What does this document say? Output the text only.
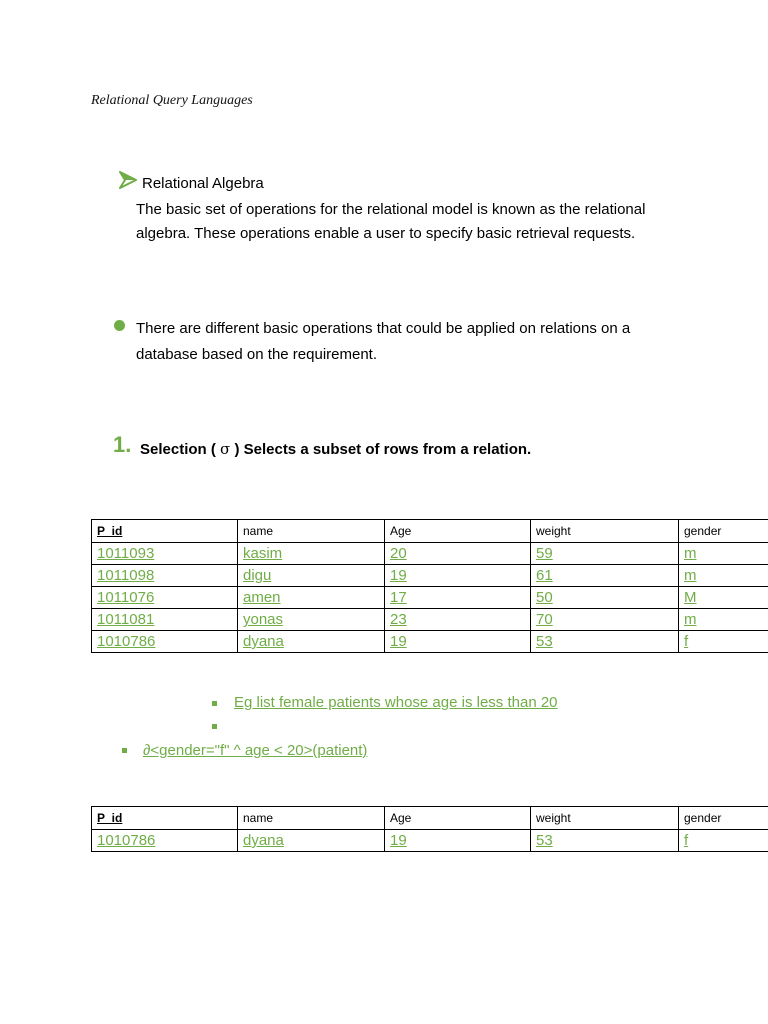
Relational Query Languages
Relational Algebra
The basic set of operations for the relational model is known as the relational algebra. These operations enable a user to specify basic retrieval requests.
There are different basic operations that could be applied on relations on a database based on the requirement.
1. Selection ( σ ) Selects a subset of rows from a relation.
P_id	name	Age	weight	gender
1011093	kasim	20	59	m
1011098	digu	19	61	m
1011076	amen	17	50	M
1011081	yonas	23	70	m
1010786	dyana	19	53	f
Eg list female patients whose age is less than 20
∂<gender="f" ^ age < 20>(patient)
P_id	name	Age	weight	gender
1010786	dyana	19	53	f
